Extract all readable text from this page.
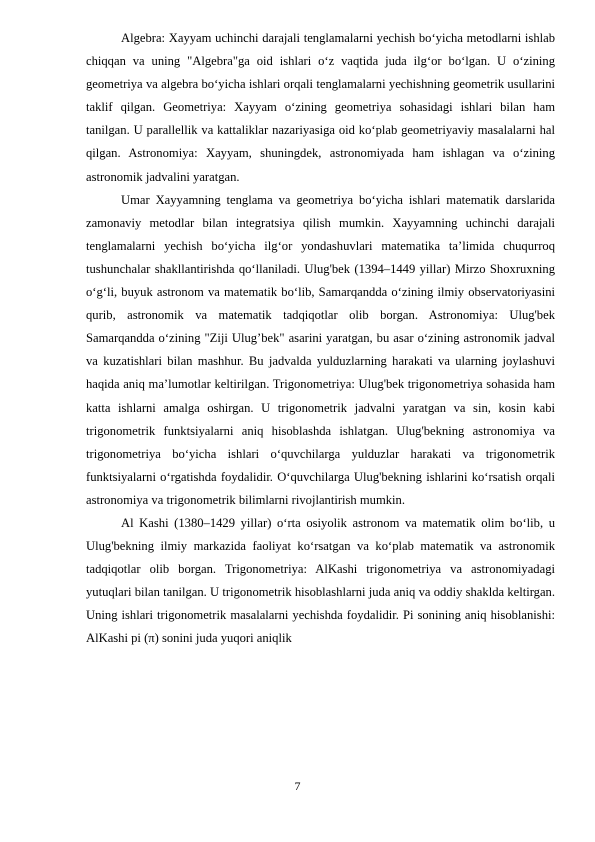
Algebra: Xayyam uchinchi darajali tenglamalarni yechish bo‘yicha metodlarni ishlab chiqqan va uning "Algebra"ga oid ishlari o‘z vaqtida juda ilg‘or bo‘lgan. U o‘zining geometriya va algebra bo‘yicha ishlari orqali tenglamalarni yechishning geometrik usullarini taklif qilgan. Geometriya: Xayyam o‘zining geometriya sohasidagi ishlari bilan ham tanilgan. U parallellik va kattaliklar nazariyasiga oid ko‘plab geometriyaviy masalalarni hal qilgan. Astronomiya: Xayyam, shuningdek, astronomiyada ham ishlagan va o‘zining astronomik jadvalini yaratgan.

Umar Xayyamning tenglama va geometriya bo‘yicha ishlari matematik darslarida zamonaviy metodlar bilan integratsiya qilish mumkin. Xayyamning uchinchi darajali tenglamalarni yechish bo‘yicha ilg‘or yondashuvlari matematika ta’limida chuqurroq tushunchalar shakllantirishda qo‘llaniladi. Ulug'bek (1394–1449 yillar) Mirzo Shoxruxning o‘g‘li, buyuk astronom va matematik bo‘lib, Samarqandda o‘zining ilmiy observatoriyasini qurib, astronomik va matematik tadqiqotlar olib borgan. Astronomiya: Ulug'bek Samarqandda o‘zining "Ziji Ulug’bek" asarini yaratgan, bu asar o‘zining astronomik jadval va kuzatishlari bilan mashhur. Bu jadvalda yulduzlarning harakati va ularning joylashuvi haqida aniq ma’lumotlar keltirilgan. Trigonometriya: Ulug'bek trigonometriya sohasida ham katta ishlarni amalga oshirgan. U trigonometrik jadvalni yaratgan va sin, kosin kabi trigonometrik funktsiyalarni aniq hisoblashda ishlatgan. Ulug'bekning astronomiya va trigonometriya bo‘yicha ishlari o‘quvchilarga yulduzlar harakati va trigonometrik funktsiyalarni o‘rgatishda foydalidir. O‘quvchilarga Ulug'bekning ishlarini ko‘rsatish orqali astronomiya va trigonometrik bilimlarni rivojlantirish mumkin.

Al Kashi (1380–1429 yillar) o‘rta osiyolik astronom va matematik olim bo‘lib, u Ulug'bekning ilmiy markazida faoliyat ko‘rsatgan va ko‘plab matematik va astronomik tadqiqotlar olib borgan. Trigonometriya: AlKashi trigonometriya va astronomiyadagi yutuqlari bilan tanilgan. U trigonometrik hisoblashlarni juda aniq va oddiy shaklda keltirgan. Uning ishlari trigonometrik masalalarni yechishda foydalidir. Pi sonining aniq hisoblanishi: AlKashi pi (π) sonini juda yuqori aniqlik

7
